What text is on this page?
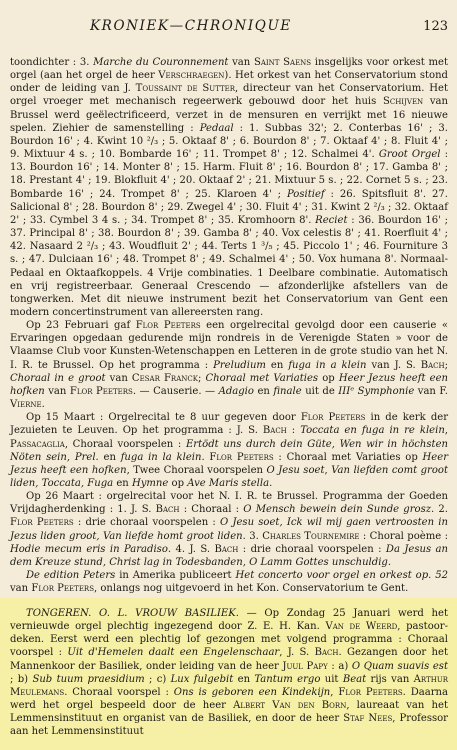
KRONIEK—CHRONIQUE	123

toondichter : 3. Marche du Couronnement van Saint Saens insgelijks voor orkest met orgel (aan het orgel de heer Verschraegen). Het orkest van het Conservatorium stond onder de leiding van J. Toussaint de Sutter, directeur van het Conservatorium. Het orgel vroeger met mechanisch regeerwerk gebouwd door het huis Schijven van Brussel werd geëlectrificeerd, verzet in de mensuren en verrijkt met 16 nieuwe spelen. Ziehier de samenstelling : Pedaal : 1. Subbas 32'; 2. Conterbas 16' ; 3. Bourdon 16' ; 4. Kwint 10 ²/₃ ; 5. Oktaaf 8' ; 6. Bourdon 8' ; 7. Oktaaf 4' ; 8. Fluit 4' ; 9. Mixtuur 4 s. ; 10. Bombarde 16' ; 11. Trompet 8' ; 12. Schalmei 4'. Groot Orgel : 13. Bourdon 16' ; 14. Monter 8' ; 15. Harm. Fluit 8' ; 16. Bourdon 8' ; 17. Gamba 8' ; 18. Prestant 4' ; 19. Blokfluit 4' ; 20. Oktaaf 2' ; 21. Mixtuur 5 s. ; 22. Cornet 5 s. ; 23. Bombarde 16' ; 24. Trompet 8' ; 25. Klaroen 4' ; Positief : 26. Spitsfluit 8'. 27. Salicional 8' ; 28. Bourdon 8' ; 29. Zwegel 4' ; 30. Fluit 4' ; 31. Kwint 2 ²/₃ ; 32. Oktaaf 2' ; 33. Cymbel 3 4 s. ; 34. Trompet 8' ; 35. Kromhoorn 8'. Reciet : 36. Bourdon 16' ; 37. Principal 8' ; 38. Bourdon 8' ; 39. Gamba 8' ; 40. Vox celestis 8' ; 41. Roerfluit 4' ; 42. Nasaard 2 ²/₃ ; 43. Woudfluit 2' ; 44. Terts 1 ³/₅ ; 45. Piccolo 1' ; 46. Fourniture 3 s. ; 47. Dulciaan 16' ; 48. Trompet 8' ; 49. Schalmei 4' ; 50. Vox humana 8'. Normaal- Pedaal en Oktaafkoppels. 4 Vrije combinaties. 1 Deelbare combinatie. Automatisch en vrij registreerbaar. Generaal Crescendo — afzonderlijke afstellers van de tongwerken. Met dit nieuwe instrument bezit het Conservatorium van Gent een modern concertinstrument van allereersten rang.

Op 23 Februari gaf Flor Peeters een orgelrecital gevolgd door een causerie « Ervaringen opgedaan gedurende mijn rondreis in de Verenigde Staten » voor de Vlaamse Club voor Kunsten-Wetenschappen en Letteren in de grote studio van het N. I. R. te Brussel. Op het programma : Preludium en fuga in a klein van J. S. Bach; Choraal in e groot van Cesar Franck; Choraal met Variaties op Heer Jezus heeft een hofken van Flor Peeters. — Causerie. — Adagio en finale uit de IIIᵉ Symphonie van F. Vierne.

Op 15 Maart : Orgelrecital te 8 uur gegeven door Flor Peeters in de kerk der Jezuieten te Leuven. Op het programma : J. S. Bach : Toccata en fuga in re klein, Passacaglia, Choraal voorspelen : Ertödt uns durch dein Güte, Wen wir in höchsten Nöten sein, Prel. en fuga in la klein. Flor Peeters : Choraal met Variaties op Heer Jezus heeft een hofken, Twee Choraal voorspelen O Jesu soet, Van liefden comt groot liden, Toccata, Fuga en Hymne op Ave Maris stella.

Op 26 Maart : orgelrecital voor het N. I. R. te Brussel. Programma der Goeden Vrijdagherdenking : 1. J. S. Bach : Choraal : O Mensch bewein dein Sunde grosz. 2. Flor Peeters : drie choraal voorspelen : O Jesu soet, Ick wil mij gaen vertroosten in Jezus liden groot, Van liefde homt groot liden. 3. Charles Tournemire : Choral poème : Hodie mecum eris in Paradiso. 4. J. S. Bach : drie choraal voorspelen : Da Jesus an dem Kreuze stund, Christ lag in Todesbanden, O Lamm Gottes unschuldig.

De edition Peters in Amerika publiceert Het concerto voor orgel en orkest op. 52 van Flor Peeters, onlangs nog uitgevoerd in het Kon. Conservatorium te Gent.

TONGEREN. O. L. VROUW BASILIEK. — Op Zondag 25 Januari werd het vernieuwde orgel plechtig ingezegend door Z. E. H. Kan. Van de Weerd, pastoor-deken. Eerst werd een plechtig lof gezongen met volgend programma : Choraal voorspel : Uit d'Hemelen daalt een Engelenschaar, J. S. Bach. Gezangen door het Mannenkoor der Basiliek, onder leiding van de heer Juul Papy : a) O Quam suavis est ; b) Sub tuum praesidium ; c) Lux fulgebit en Tantum ergo uit Beat rijs van Arthur Meulemans. Choraal voorspel : Ons is geboren een Kindekijn, Flor Peeters. Daarna werd het orgel bespeeld door de heer Albert Van den Born, laureaat van het Lemmensinstituut en organist van de Basiliek, en door de heer Staf Nees, Professor aan het Lemmensinstituut
